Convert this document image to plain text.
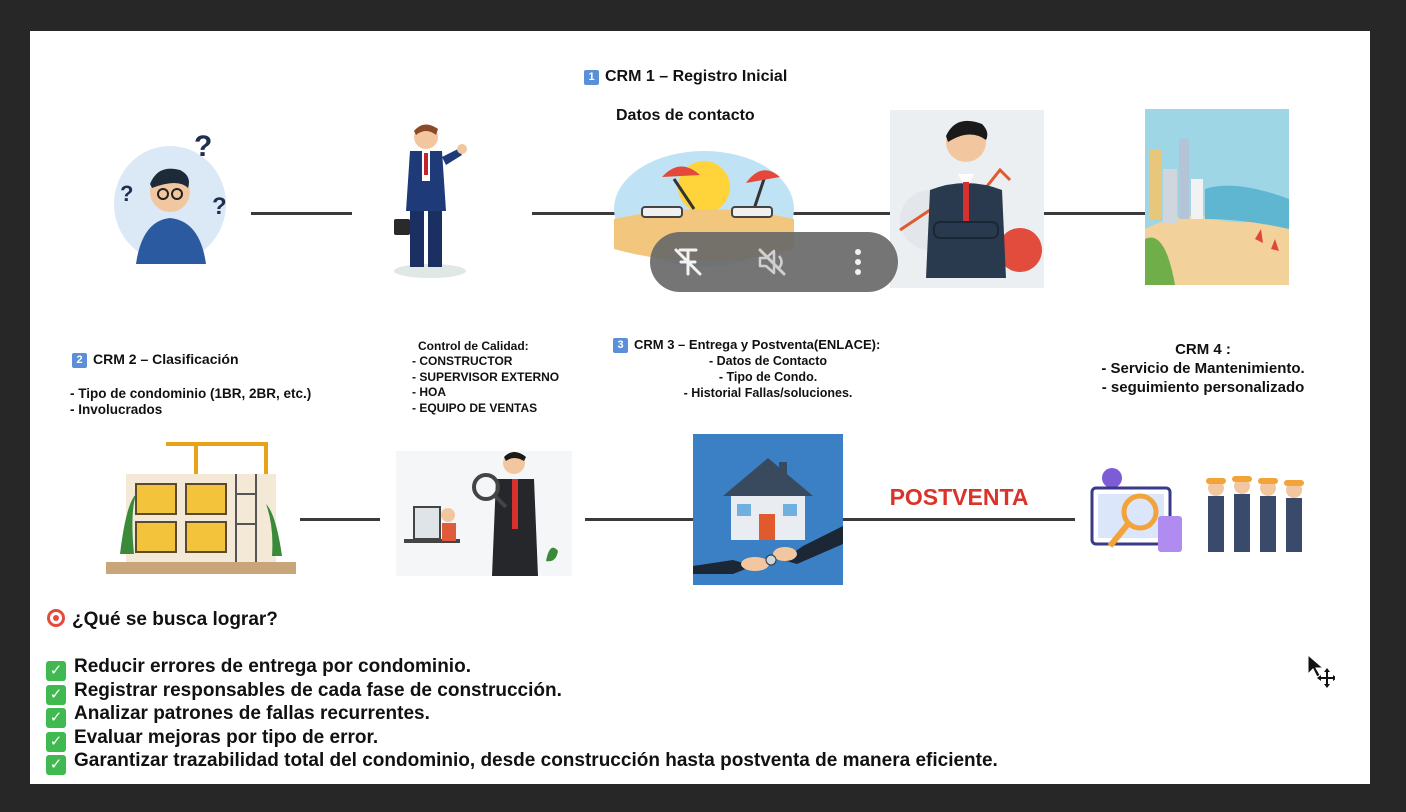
1 CRM 1 – Registro Inicial
Datos de contacto
?
?	?
2 CRM 2 – Clasificación
- Tipo de condominio (1BR, 2BR, etc.)
- Involucrados
Control de Calidad:
- CONSTRUCTOR
- SUPERVISOR EXTERNO
- HOA
- EQUIPO DE VENTAS
3 CRM 3 – Entrega y Postventa(ENLACE):
- Datos de Contacto
- Tipo de Condo.
- Historial Fallas/soluciones.
CRM 4 :
- Servicio de Mantenimiento.
- seguimiento personalizado
POSTVENTA
¿Qué se busca lograr?
✓ Reducir errores de entrega por condominio.
✓ Registrar responsables de cada fase de construcción.
✓ Analizar patrones de fallas recurrentes.
✓ Evaluar mejoras por tipo de error.
✓ Garantizar trazabilidad total del condominio, desde construcción hasta postventa de manera eficiente.
